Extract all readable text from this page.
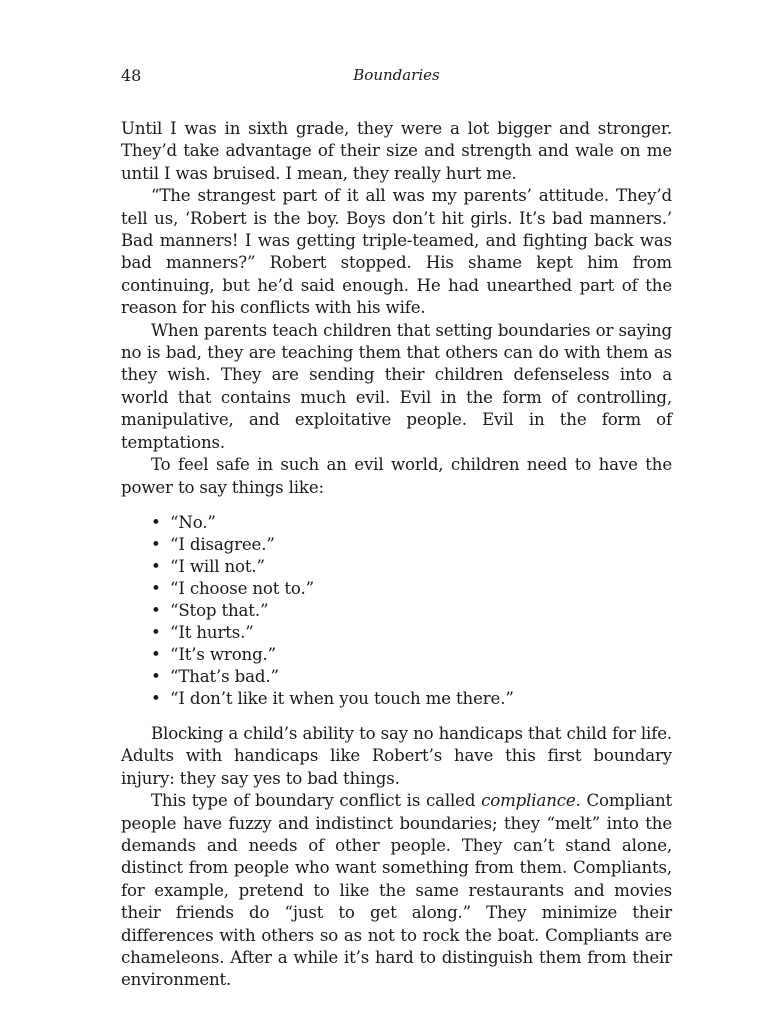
48	Boundaries

Until I was in sixth grade, they were a lot bigger and stronger. They’d take advantage of their size and strength and wale on me until I was bruised. I mean, they really hurt me.

“The strangest part of it all was my parents’ attitude. They’d tell us, ‘Robert is the boy. Boys don’t hit girls. It’s bad manners.’ Bad manners! I was getting triple-teamed, and fighting back was bad manners?” Robert stopped. His shame kept him from continuing, but he’d said enough. He had unearthed part of the reason for his conflicts with his wife.

When parents teach children that setting boundaries or saying no is bad, they are teaching them that others can do with them as they wish. They are sending their children defenseless into a world that contains much evil. Evil in the form of controlling, manipulative, and exploitative people. Evil in the form of temptations.

To feel safe in such an evil world, children need to have the power to say things like:

• “No.”
• “I disagree.”
• “I will not.”
• “I choose not to.”
• “Stop that.”
• “It hurts.”
• “It’s wrong.”
• “That’s bad.”
• “I don’t like it when you touch me there.”

Blocking a child’s ability to say no handicaps that child for life. Adults with handicaps like Robert’s have this first boundary injury: they say yes to bad things.

This type of boundary conflict is called compliance. Compliant people have fuzzy and indistinct boundaries; they “melt” into the demands and needs of other people. They can’t stand alone, distinct from people who want something from them. Compliants, for example, pretend to like the same restaurants and movies their friends do “just to get along.” They minimize their differences with others so as not to rock the boat. Compliants are chameleons. After a while it’s hard to distinguish them from their environment.
